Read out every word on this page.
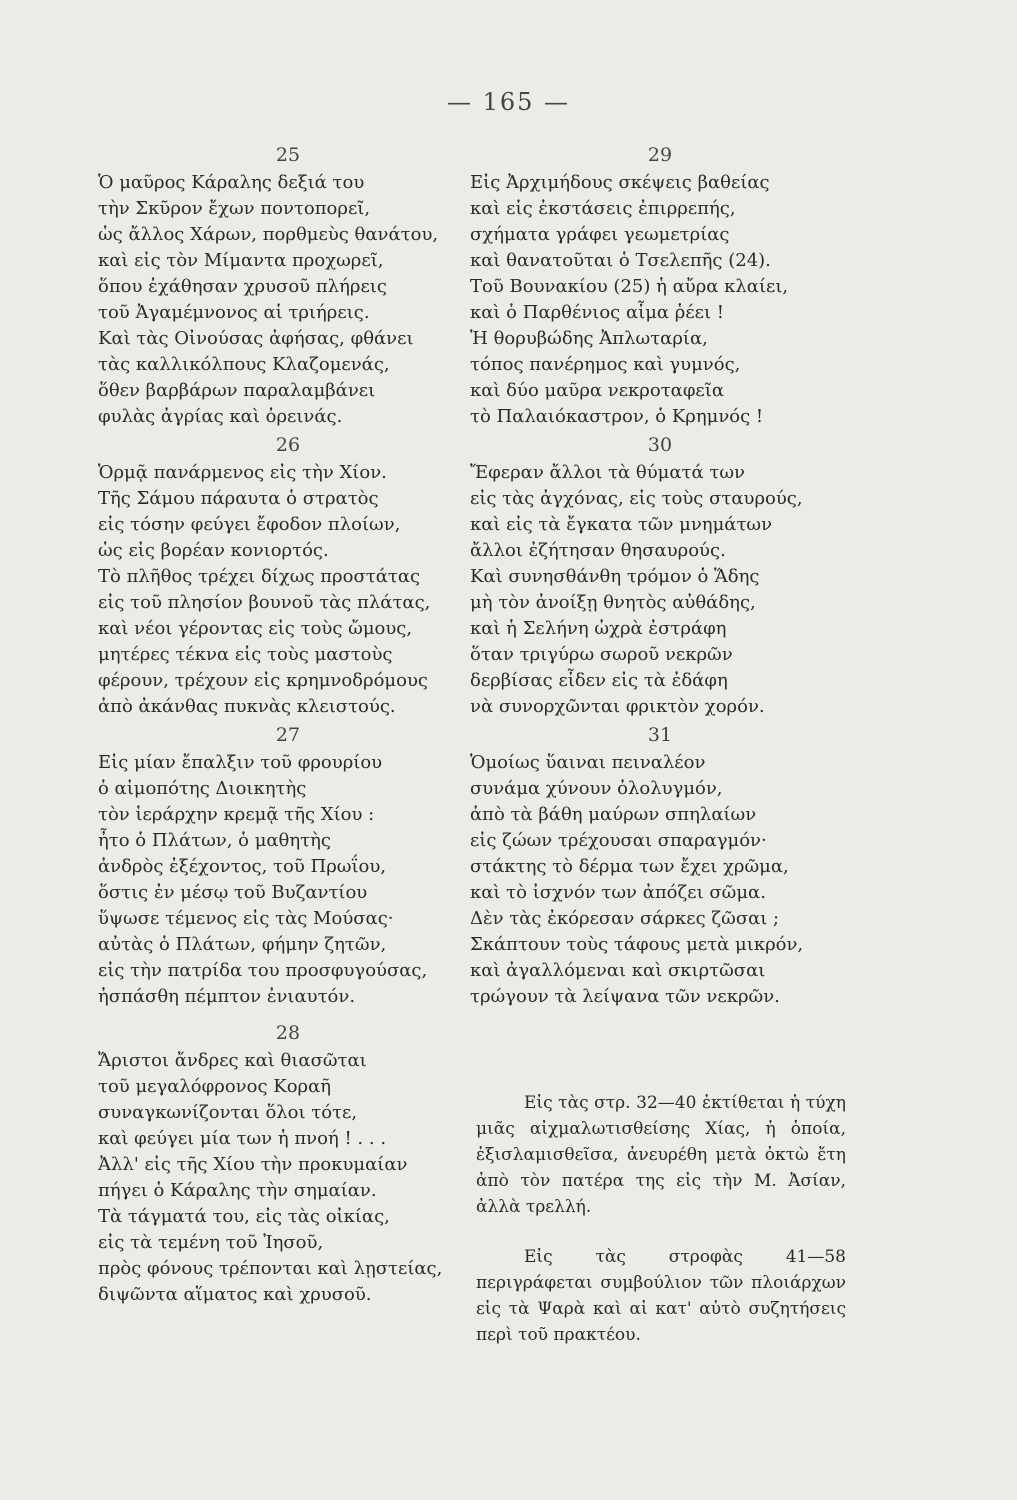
— 165 —
25
Ὁ μαῦρος Κάραλης δεξιά του
τὴν Σκῦρον ἔχων ποντοπορεῖ,
ὡς ἄλλος Χάρων, πορθμεὺς θανάτου,
καὶ εἰς τὸν Μίμαντα προχωρεῖ,
ὅπου ἐχάθησαν χρυσοῦ πλήρεις
τοῦ Ἀγαμέμνονος αἱ τριήρεις.
Καὶ τὰς Οἰνούσας ἀφήσας, φθάνει
τὰς καλλικόλπους Κλαζομενάς,
ὅθεν βαρβάρων παραλαμβάνει
φυλὰς ἀγρίας καὶ ὀρεινάς.
26
Ὁρμᾷ πανάρμενος εἰς τὴν Χίον.
Τῆς Σάμου πάραυτα ὁ στρατὸς
εἰς τόσην φεύγει ἔφοδον πλοίων,
ὡς εἰς βορέαν κονιορτός.
Τὸ πλῆθος τρέχει δίχως προστάτας
εἰς τοῦ πλησίον βουνοῦ τὰς πλάτας,
καὶ νέοι γέροντας εἰς τοὺς ὤμους,
μητέρες τέκνα εἰς τοὺς μαστοὺς
φέρουν, τρέχουν εἰς κρημνοδρόμους
ἀπὸ ἀκάνθας πυκνὰς κλειστούς.
27
Εἰς μίαν ἔπαλξιν τοῦ φρουρίου
ὁ αἱμοπότης Διοικητὴς
τὸν ἱεράρχην κρεμᾷ τῆς Χίου :
ἦτο ὁ Πλάτων, ὁ μαθητὴς
ἀνδρὸς ἐξέχοντος, τοῦ Πρωΐου,
ὅστις ἐν μέσῳ τοῦ Βυζαντίου
ὕψωσε τέμενος εἰς τὰς Μούσας·
αὐτὰς ὁ Πλάτων, φήμην ζητῶν,
εἰς τὴν πατρίδα του προσφυγούσας,
ἠσπάσθη πέμπτον ἐνιαυτόν.
28
Ἄριστοι ἄνδρες καὶ θιασῶται
τοῦ μεγαλόφρονος Κοραῆ
συναγκωνίζονται ὅλοι τότε,
καὶ φεύγει μία των ἡ πνοή ! . . .
Ἀλλ' εἰς τῆς Χίου τὴν προκυμαίαν
πήγει ὁ Κάραλης τὴν σημαίαν.
Τὰ τάγματά του, εἰς τὰς οἰκίας,
εἰς τὰ τεμένη τοῦ Ἰησοῦ,
πρὸς φόνους τρέπονται καὶ λῃστείας,
διψῶντα αἵματος καὶ χρυσοῦ.
29
Εἰς Ἀρχιμήδους σκέψεις βαθείας
καὶ εἰς ἐκστάσεις ἐπιρρεπής,
σχήματα γράφει γεωμετρίας
καὶ θανατοῦται ὁ Τσελεπῆς (24).
Τοῦ Βουνακίου (25) ἡ αὔρα κλαίει,
καὶ ὁ Παρθένιος αἷμα ῥέει !
Ἡ θορυβώδης Ἀπλωταρία,
τόπος πανέρημος καὶ γυμνός,
καὶ δύο μαῦρα νεκροταφεῖα
τὸ Παλαιόκαστρον, ὁ Κρημνός !
30
Ἔφεραν ἄλλοι τὰ θύματά των
εἰς τὰς ἀγχόνας, εἰς τοὺς σταυρούς,
καὶ εἰς τὰ ἔγκατα τῶν μνημάτων
ἄλλοι ἐζήτησαν θησαυρούς.
Καὶ συνησθάνθη τρόμον ὁ Ἅδης
μὴ τὸν ἀνοίξῃ θνητὸς αὐθάδης,
καὶ ἡ Σελήνη ὠχρὰ ἐστράφη
ὅταν τριγύρω σωροῦ νεκρῶν
δερβίσας εἶδεν εἰς τὰ ἐδάφη
νὰ συνορχῶνται φρικτὸν χορόν.
31
Ὁμοίως ὕαιναι πειναλέον
συνάμα χύνουν ὀλολυγμόν,
ἀπὸ τὰ βάθη μαύρων σπηλαίων
εἰς ζώων τρέχουσαι σπαραγμόν·
στάκτης τὸ δέρμα των ἔχει χρῶμα,
καὶ τὸ ἰσχνόν των ἀπόζει σῶμα.
Δὲν τὰς ἐκόρεσαν σάρκες ζῶσαι ;
Σκάπτουν τοὺς τάφους μετὰ μικρόν,
καὶ ἀγαλλόμεναι καὶ σκιρτῶσαι
τρώγουν τὰ λείψανα τῶν νεκρῶν.

Εἰς τὰς στρ. 32—40 ἐκτίθεται ἡ τύχη μιᾶς αἰχμαλωτισθείσης Χίας, ἡ ὁποία, ἐξισλαμισθεῖσα, ἀνευρέθη μετὰ ὀκτὼ ἔτη ἀπὸ τὸν πατέρα της εἰς τὴν Μ. Ἀσίαν, ἀλλὰ τρελλή.

Εἰς τὰς στροφὰς 41—58 περιγράφεται συμβούλιον τῶν πλοιάρχων εἰς τὰ Ψαρὰ καὶ αἱ κατ' αὐτὸ συζητήσεις περὶ τοῦ πρακτέου.
